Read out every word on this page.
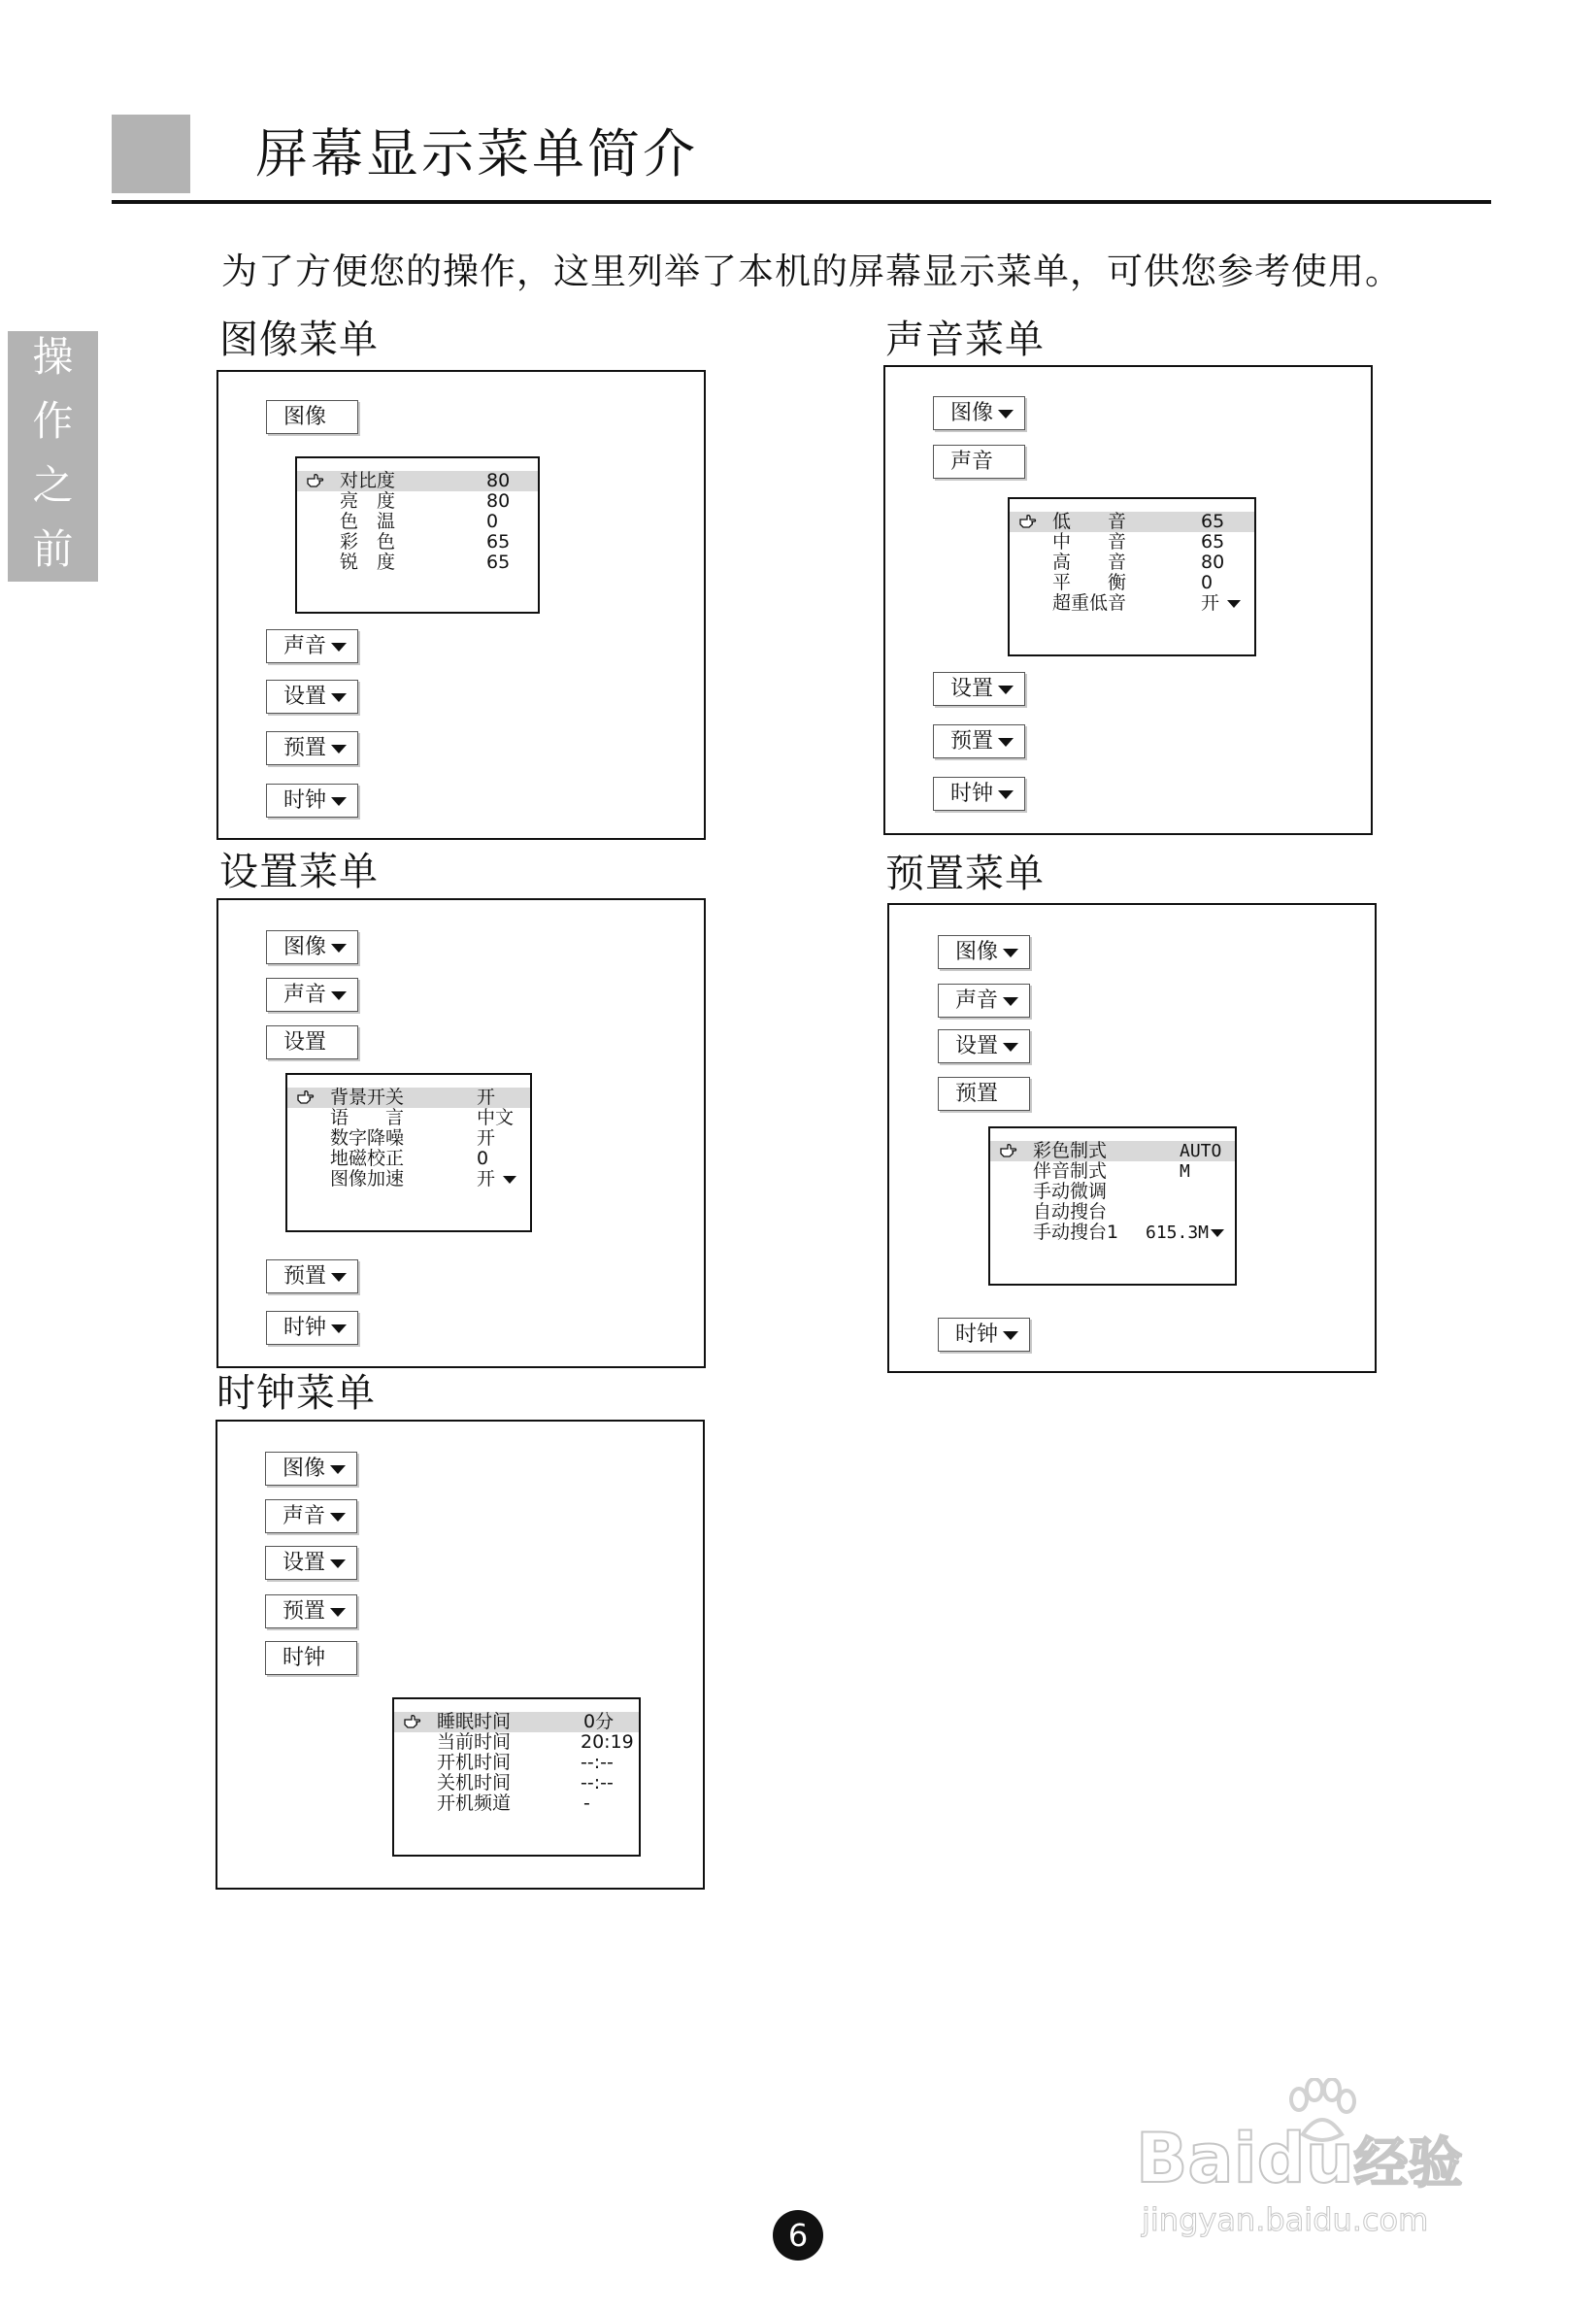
屏幕显示菜单简介
操
作
之
前
为了方便您的操作，这里列举了本机的屏幕显示菜单，可供您参考使用。
图像菜单
图像
对比度	80
亮　度	80
色　温	0
彩　色	65
锐　度	65
声音
设置
预置
时钟
声音菜单
图像
声音
低　　音	65
中　　音	65
高　　音	80
平　　衡	0
超重低音	开
设置
预置
时钟
设置菜单
图像
声音
设置
背景开关	开
语　　言	中文
数字降噪	开
地磁校正	0
图像加速	开
预置
时钟
预置菜单
图像
声音
设置
预置
彩色制式	AUTO
伴音制式	M
手动微调
自动搜台
手动搜台1 615.3M
时钟
时钟菜单
图像
声音
设置
预置
时钟
睡眠时间	0分
当前时间	20:19
开机时间	--:--
关机时间	--:--
开机频道	-
6
Baidu经验
jingyan.baidu.com
